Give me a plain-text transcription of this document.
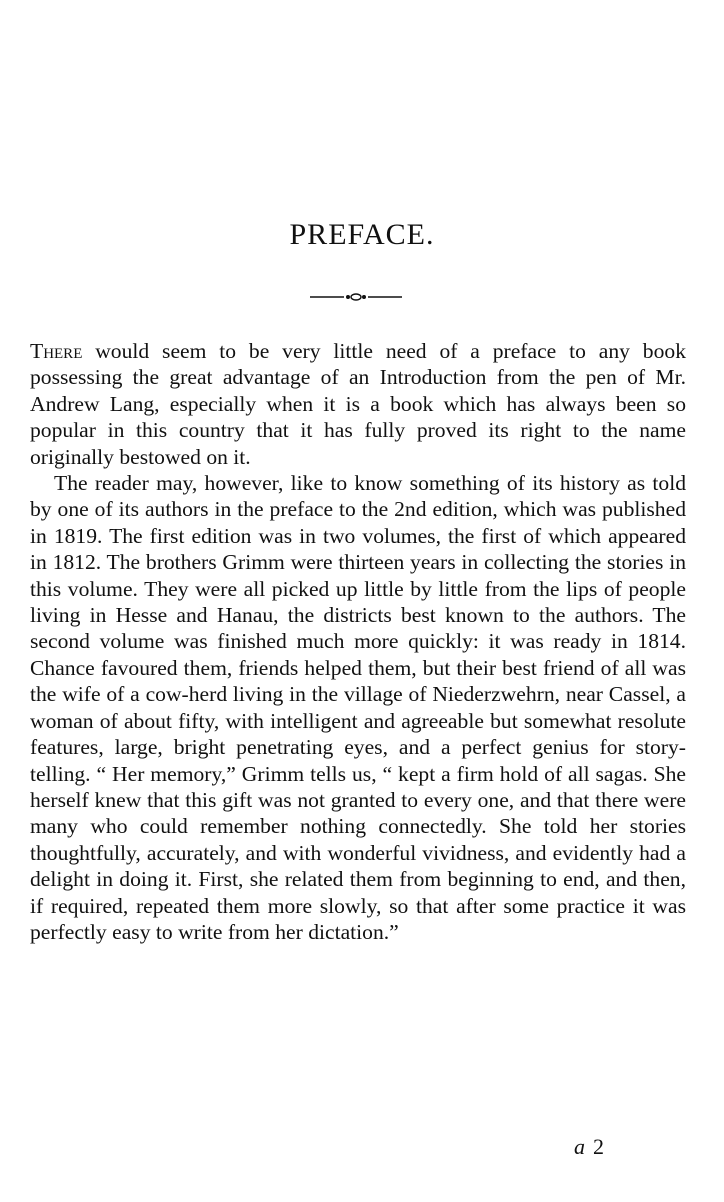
PREFACE.

There would seem to be very little need of a preface to any book possessing the great advantage of an Introduction from the pen of Mr. Andrew Lang, especially when it is a book which has always been so popular in this country that it has fully proved its right to the name originally bestowed on it.

The reader may, however, like to know something of its history as told by one of its authors in the preface to the 2nd edition, which was published in 1819. The first edition was in two volumes, the first of which appeared in 1812. The brothers Grimm were thirteen years in collecting the stories in this volume. They were all picked up little by little from the lips of people living in Hesse and Hanau, the districts best known to the authors. The second volume was finished much more quickly: it was ready in 1814. Chance favoured them, friends helped them, but their best friend of all was the wife of a cow-herd living in the village of Niederzwehrn, near Cassel, a woman of about fifty, with intelligent and agreeable but somewhat resolute features, large, bright penetrating eyes, and a perfect genius for story-telling. “ Her memory,” Grimm tells us, “ kept a firm hold of all sagas. She herself knew that this gift was not granted to every one, and that there were many who could remember nothing connectedly. She told her stories thoughtfully, accurately, and with wonderful vividness, and evidently had a delight in doing it. First, she related them from beginning to end, and then, if required, repeated them more slowly, so that after some practice it was perfectly easy to write from her dictation.”

a 2
